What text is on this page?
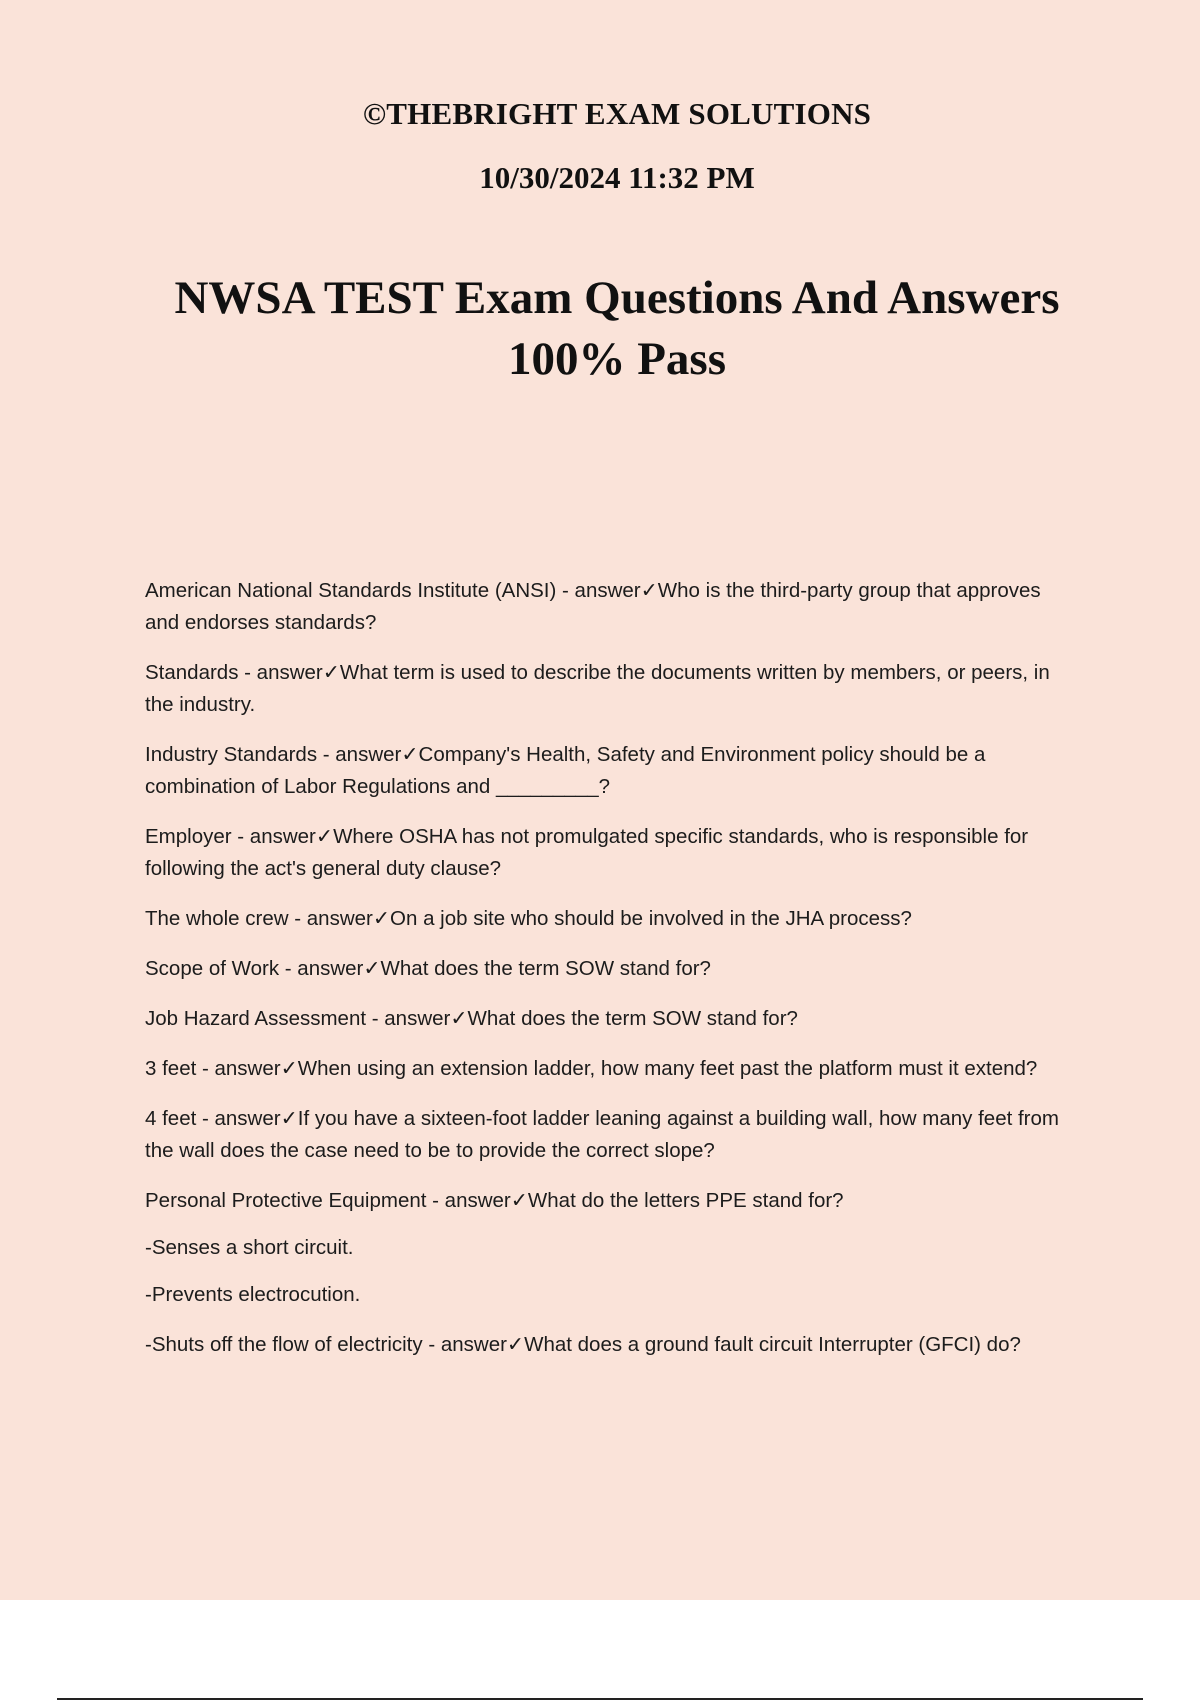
©THEBRIGHT EXAM SOLUTIONS
10/30/2024 11:32 PM
NWSA TEST Exam Questions And Answers
100% Pass

American National Standards Institute (ANSI) - answer✓Who is the third-party group that approves and endorses standards?

Standards - answer✓What term is used to describe the documents written by members, or peers, in the industry.

Industry Standards - answer✓Company's Health, Safety and Environment policy should be a combination of Labor Regulations and _________?

Employer - answer✓Where OSHA has not promulgated specific standards, who is responsible for following the act's general duty clause?

The whole crew - answer✓On a job site who should be involved in the JHA process?

Scope of Work - answer✓What does the term SOW stand for?

Job Hazard Assessment - answer✓What does the term SOW stand for?

3 feet - answer✓When using an extension ladder, how many feet past the platform must it extend?

4 feet - answer✓If you have a sixteen-foot ladder leaning against a building wall, how many feet from the wall does the case need to be to provide the correct slope?

Personal Protective Equipment - answer✓What do the letters PPE stand for?

-Senses a short circuit.

-Prevents electrocution.

-Shuts off the flow of electricity - answer✓What does a ground fault circuit Interrupter (GFCI) do?
